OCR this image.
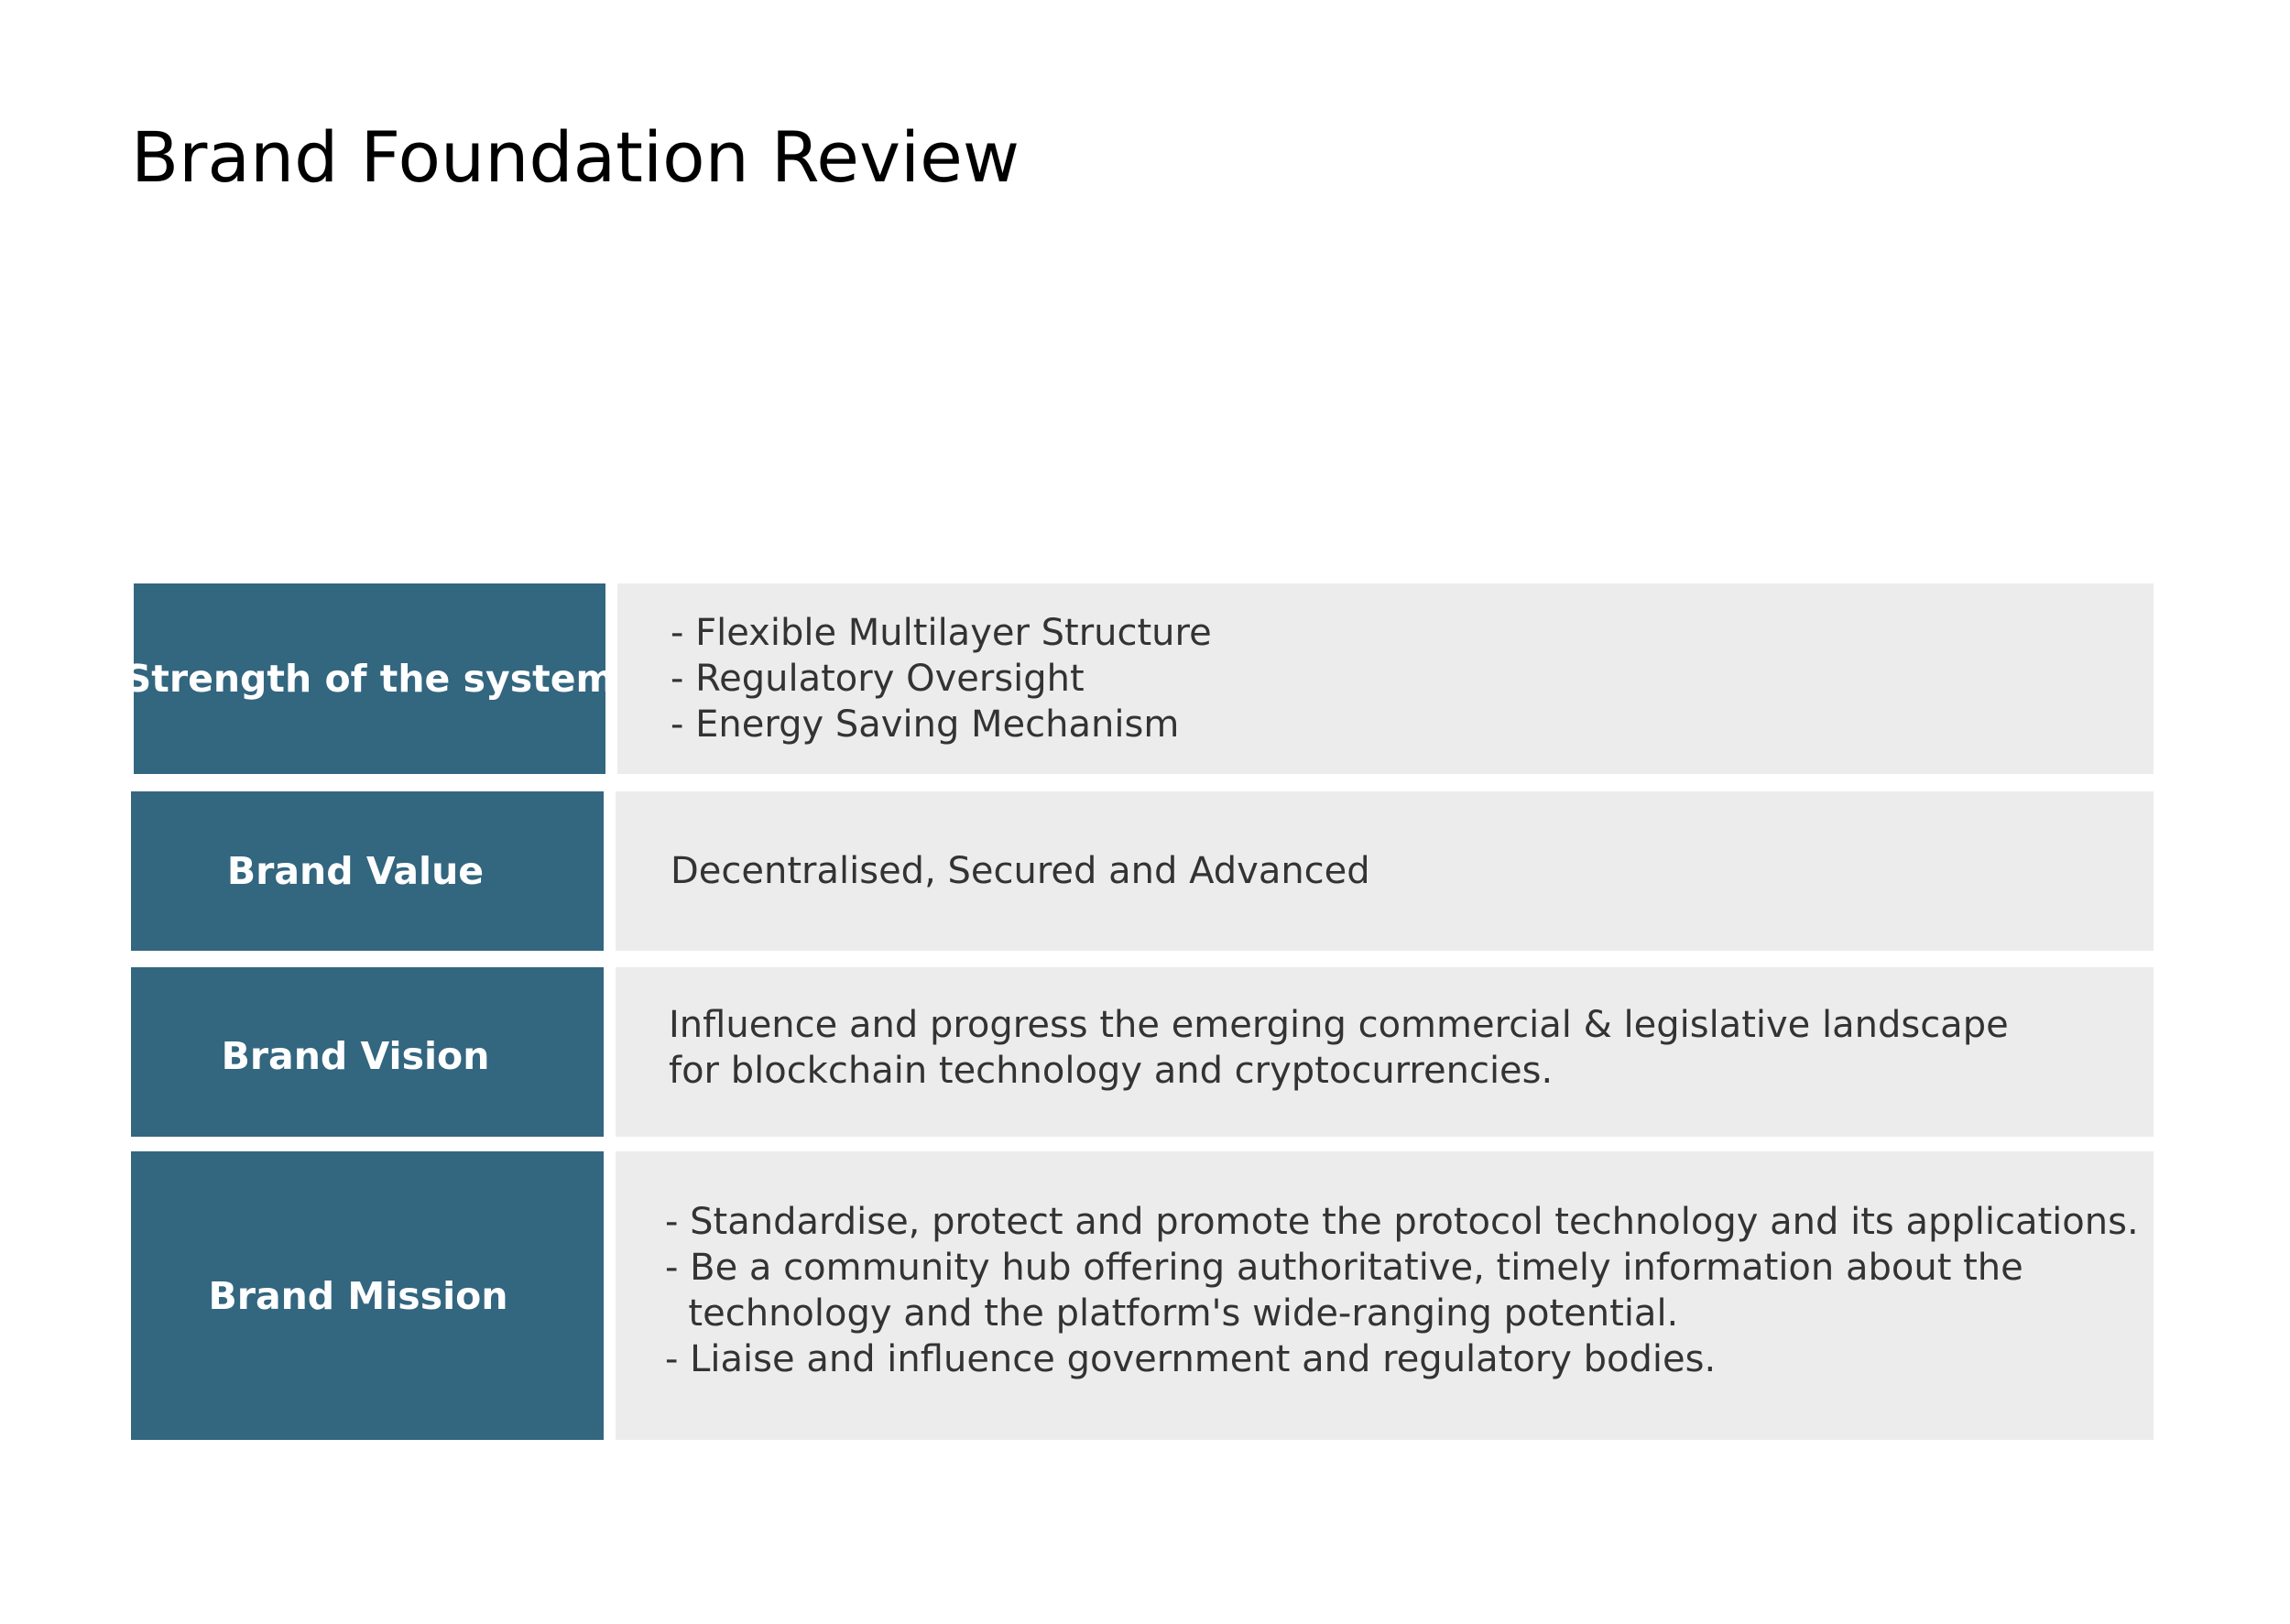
Brand Foundation Review
Strength of the system
- Flexible Multilayer Structure
- Regulatory Oversight
- Energy Saving Mechanism
Brand Value	Decentralised, Secured and Advanced
Brand Vision
Influence and progress the emerging commercial & legislative landscape
for blockchain technology and cryptocurrencies.
Brand Mission
- Standardise, protect and promote the protocol technology and its applications.
- Be a community hub offering authoritative, timely information about the
technology and the platform's wide-ranging potential.
- Liaise and influence government and regulatory bodies.
